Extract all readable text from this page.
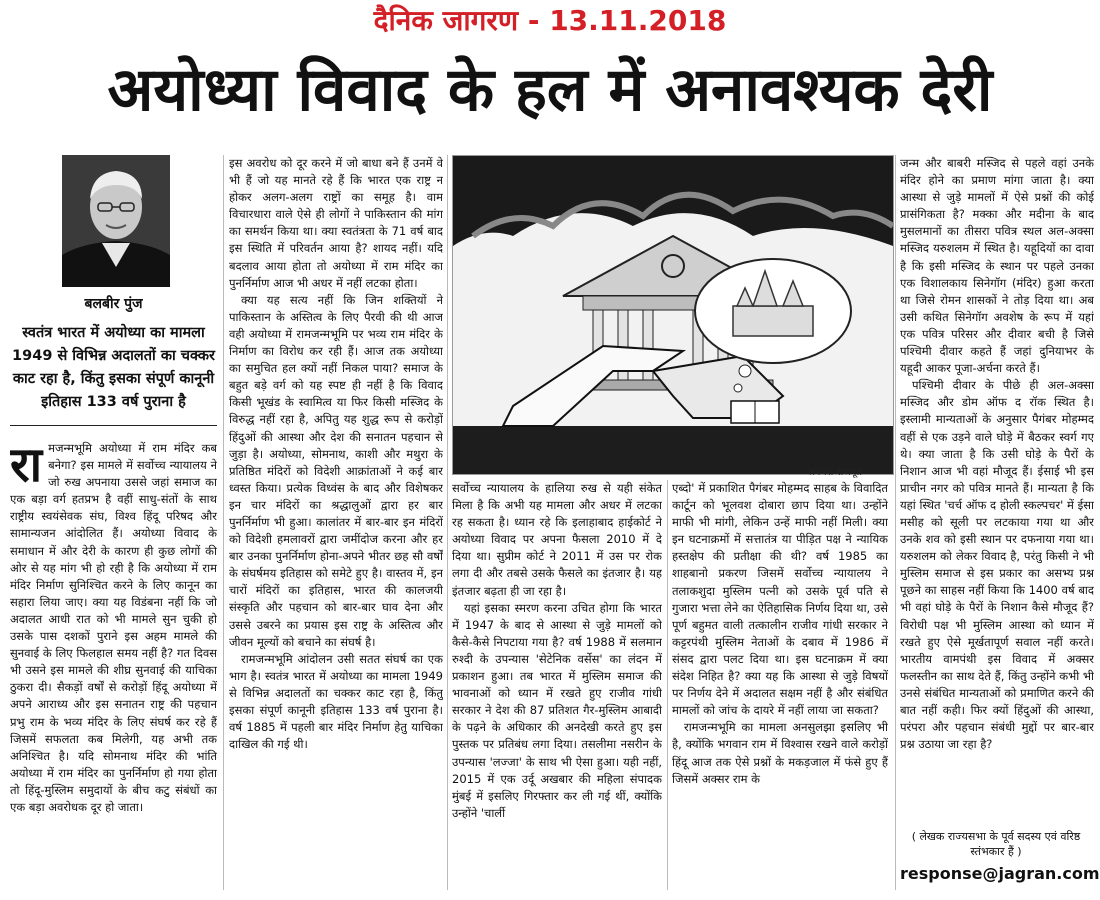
दैनिक जागरण - 13.11.2018
अयोध्या विवाद के हल में अनावश्यक देरी
बलबीर पुंज
स्वतंत्र भारत में अयोध्या का मामला 1949 से विभिन्न अदालतों का चक्कर काट रहा है, किंतु इसका संपूर्ण कानूनी इतिहास 133 वर्ष पुराना है

रामजन्मभूमि अयोध्या में राम मंदिर कब बनेगा? इस मामले में सर्वोच्च न्यायालय ने जो रुख अपनाया उससे जहां समाज का एक बड़ा वर्ग हतप्रभ है वहीं साधु-संतों के साथ राष्ट्रीय स्वयंसेवक संघ, विश्व हिंदू परिषद और सामान्यजन आंदोलित हैं। अयोध्या विवाद के समाधान में और देरी के कारण ही कुछ लोगों की ओर से यह मांग भी हो रही है कि अयोध्या में राम मंदिर निर्माण सुनिश्चित करने के लिए कानून का सहारा लिया जाए। क्या यह विडंबना नहीं कि जो अदालत आधी रात को भी मामले सुन चुकी हो उसके पास दशकों पुराने इस अहम मामले की सुनवाई के लिए फिलहाल समय नहीं है? गत दिवस भी उसने इस मामले की शीघ्र सुनवाई की याचिका ठुकरा दी। सैकड़ों वर्षों से करोड़ों हिंदू अयोध्या में अपने आराध्य और इस सनातन राष्ट्र की पहचान प्रभु राम के भव्य मंदिर के लिए संघर्ष कर रहे हैं जिसमें सफलता कब मिलेगी, यह अभी तक अनिश्चित है। यदि सोमनाथ मंदिर की भांति अयोध्या में राम मंदिर का पुनर्निर्माण हो गया होता तो हिंदू-मुस्लिम समुदायों के बीच कटु संबंधों का एक बड़ा अवरोधक दूर हो जाता।

इस अवरोध को दूर करने में जो बाधा बने हैं उनमें वे भी हैं जो यह मानते रहे हैं कि भारत एक राष्ट्र न होकर अलग-अलग राष्ट्रों का समूह है। वाम विचारधारा वाले ऐसे ही लोगों ने पाकिस्तान की मांग का समर्थन किया था। क्या स्वतंत्रता के 71 वर्ष बाद इस स्थिति में परिवर्तन आया है? शायद नहीं। यदि बदलाव आया होता तो अयोध्या में राम मंदिर का पुनर्निर्माण आज भी अधर में नहीं लटका होता।

क्या यह सत्य नहीं कि जिन शक्तियों ने पाकिस्तान के अस्तित्व के लिए पैरवी की थी आज वही अयोध्या में रामजन्मभूमि पर भव्य राम मंदिर के निर्माण का विरोध कर रही हैं। आज तक अयोध्या का समुचित हल क्यों नहीं निकल पाया? समाज के बहुत बड़े वर्ग को यह स्पष्ट ही नहीं है कि विवाद किसी भूखंड के स्वामित्व या फिर किसी मस्जिद के विरुद्ध नहीं रहा है, अपितु यह शुद्ध रूप से करोड़ों हिंदुओं की आस्था और देश की सनातन पहचान से जुड़ा है। अयोध्या, सोमनाथ, काशी और मथुरा के प्रतिष्ठित मंदिरों को विदेशी आक्रांताओं ने कई बार ध्वस्त किया। प्रत्येक विध्वंस के बाद और विशेषकर इन चार मंदिरों का श्रद्धालुओं द्वारा हर बार पुनर्निर्माण भी हुआ। कालांतर में बार-बार इन मंदिरों को विदेशी हमलावरों द्वारा जमींदोज करना और हर बार उनका पुनर्निर्माण होना-अपने भीतर छह सौ वर्षों के संघर्षमय इतिहास को समेटे हुए है। वास्तव में, इन चारों मंदिरों का इतिहास, भारत की कालजयी संस्कृति और पहचान को बार-बार घाव देना और उससे उबरने का प्रयास इस राष्ट्र के अस्तित्व और जीवन मूल्यों को बचाने का संघर्ष है।

रामजन्मभूमि आंदोलन उसी सतत संघर्ष का एक भाग है। स्वतंत्र भारत में अयोध्या का मामला 1949 से विभिन्न अदालतों का चक्कर काट रहा है, किंतु इसका संपूर्ण कानूनी इतिहास 133 वर्ष पुराना है। वर्ष 1885 में पहली बार मंदिर निर्माण हेतु याचिका दाखिल की गई थी।

अवधेश राजपूत

सर्वोच्च न्यायालय के हालिया रुख से यही संकेत मिला है कि अभी यह मामला और अधर में लटका रह सकता है। ध्यान रहे कि इलाहाबाद हाईकोर्ट ने अयोध्या विवाद पर अपना फैसला 2010 में दे दिया था। सुप्रीम कोर्ट ने 2011 में उस पर रोक लगा दी और तबसे उसके फैसले का इंतजार है। यह इंतजार बढ़ता ही जा रहा है।

यहां इसका स्मरण करना उचित होगा कि भारत में 1947 के बाद से आस्था से जुड़े मामलों को कैसे-कैसे निपटाया गया है? वर्ष 1988 में सलमान रुश्दी के उपन्यास 'सेटेनिक वर्सेस' का लंदन में प्रकाशन हुआ। तब भारत में मुस्लिम समाज की भावनाओं को ध्यान में रखते हुए राजीव गांधी सरकार ने देश की 87 प्रतिशत गैर-मुस्लिम आबादी के पढ़ने के अधिकार की अनदेखी करते हुए इस पुस्तक पर प्रतिबंध लगा दिया। तसलीमा नसरीन के उपन्यास 'लज्जा' के साथ भी ऐसा हुआ। यही नहीं, 2015 में एक उर्दू अखबार की महिला संपादक मुंबई में इसलिए गिरफ्तार कर ली गई थीं, क्योंकि उन्होंने 'चार्ली

एब्दो' में प्रकाशित पैगंबर मोहम्मद साहब के विवादित कार्टून को भूलवश दोबारा छाप दिया था। उन्होंने माफी भी मांगी, लेकिन उन्हें माफी नहीं मिली। क्या इन घटनाक्रमों में सत्तातंत्र या पीड़ित पक्ष ने न्यायिक हस्तक्षेप की प्रतीक्षा की थी? वर्ष 1985 का शाहबानो प्रकरण जिसमें सर्वोच्च न्यायालय ने तलाकशुदा मुस्लिम पत्नी को उसके पूर्व पति से गुजारा भत्ता लेने का ऐतिहासिक निर्णय दिया था, उसे पूर्ण बहुमत वाली तत्कालीन राजीव गांधी सरकार ने कट्टरपंथी मुस्लिम नेताओं के दबाव में 1986 में संसद द्वारा पलट दिया था। इस घटनाक्रम में क्या संदेश निहित है? क्या यह कि आस्था से जुड़े विषयों पर निर्णय देने में अदालत सक्षम नहीं है और संबंधित मामलों को जांच के दायरे में नहीं लाया जा सकता?

रामजन्मभूमि का मामला अनसुलझा इसलिए भी है, क्योंकि भगवान राम में विश्वास रखने वाले करोड़ों हिंदू आज तक ऐसे प्रश्नों के मकड़जाल में फंसे हुए हैं जिसमें अक्सर राम के

जन्म और बाबरी मस्जिद से पहले वहां उनके मंदिर होने का प्रमाण मांगा जाता है। क्या आस्था से जुड़े मामलों में ऐसे प्रश्नों की कोई प्रासंगिकता है? मक्का और मदीना के बाद मुसलमानों का तीसरा पवित्र स्थल अल-अक्सा मस्जिद यरुशलम में स्थित है। यहूदियों का दावा है कि इसी मस्जिद के स्थान पर पहले उनका एक विशालकाय सिनेगॉग (मंदिर) हुआ करता था जिसे रोमन शासकों ने तोड़ दिया था। अब उसी कथित सिनेगॉग अवशेष के रूप में यहां एक पवित्र परिसर और दीवार बची है जिसे पश्चिमी दीवार कहते हैं जहां दुनियाभर के यहूदी आकर पूजा-अर्चना करते हैं।

पश्चिमी दीवार के पीछे ही अल-अक्सा मस्जिद और डोम ऑफ द रॉक स्थित है। इस्लामी मान्यताओं के अनुसार पैगंबर मोहम्मद वहीं से एक उड़ने वाले घोड़े में बैठकर स्वर्ग गए थे। क्या जाता है कि उसी घोड़े के पैरों के निशान आज भी वहां मौजूद हैं। ईसाई भी इस प्राचीन नगर को पवित्र मानते हैं। मान्यता है कि यहां स्थित 'चर्च ऑफ द होली स्कल्पचर' में ईसा मसीह को सूली पर लटकाया गया था और उनके शव को इसी स्थान पर दफनाया गया था। यरुशलम को लेकर विवाद है, परंतु किसी ने भी मुस्लिम समाज से इस प्रकार का असभ्य प्रश्न पूछने का साहस नहीं किया कि 1400 वर्ष बाद भी वहां घोड़े के पैरों के निशान कैसे मौजूद हैं? विरोधी पक्ष भी मुस्लिम आस्था को ध्यान में रखते हुए ऐसे मूर्खतापूर्ण सवाल नहीं करते। भारतीय वामपंथी इस विवाद में अक्सर फलस्तीन का साथ देते हैं, किंतु उन्होंने कभी भी उनसे संबंधित मान्यताओं को प्रमाणित करने की बात नहीं कही। फिर क्यों हिंदुओं की आस्था, परंपरा और पहचान संबंधी मुद्दों पर बार-बार प्रश्न उठाया जा रहा है?

( लेखक राज्यसभा के पूर्व सदस्य एवं वरिष्ठ स्तंभकार हैं )
response@jagran.com
